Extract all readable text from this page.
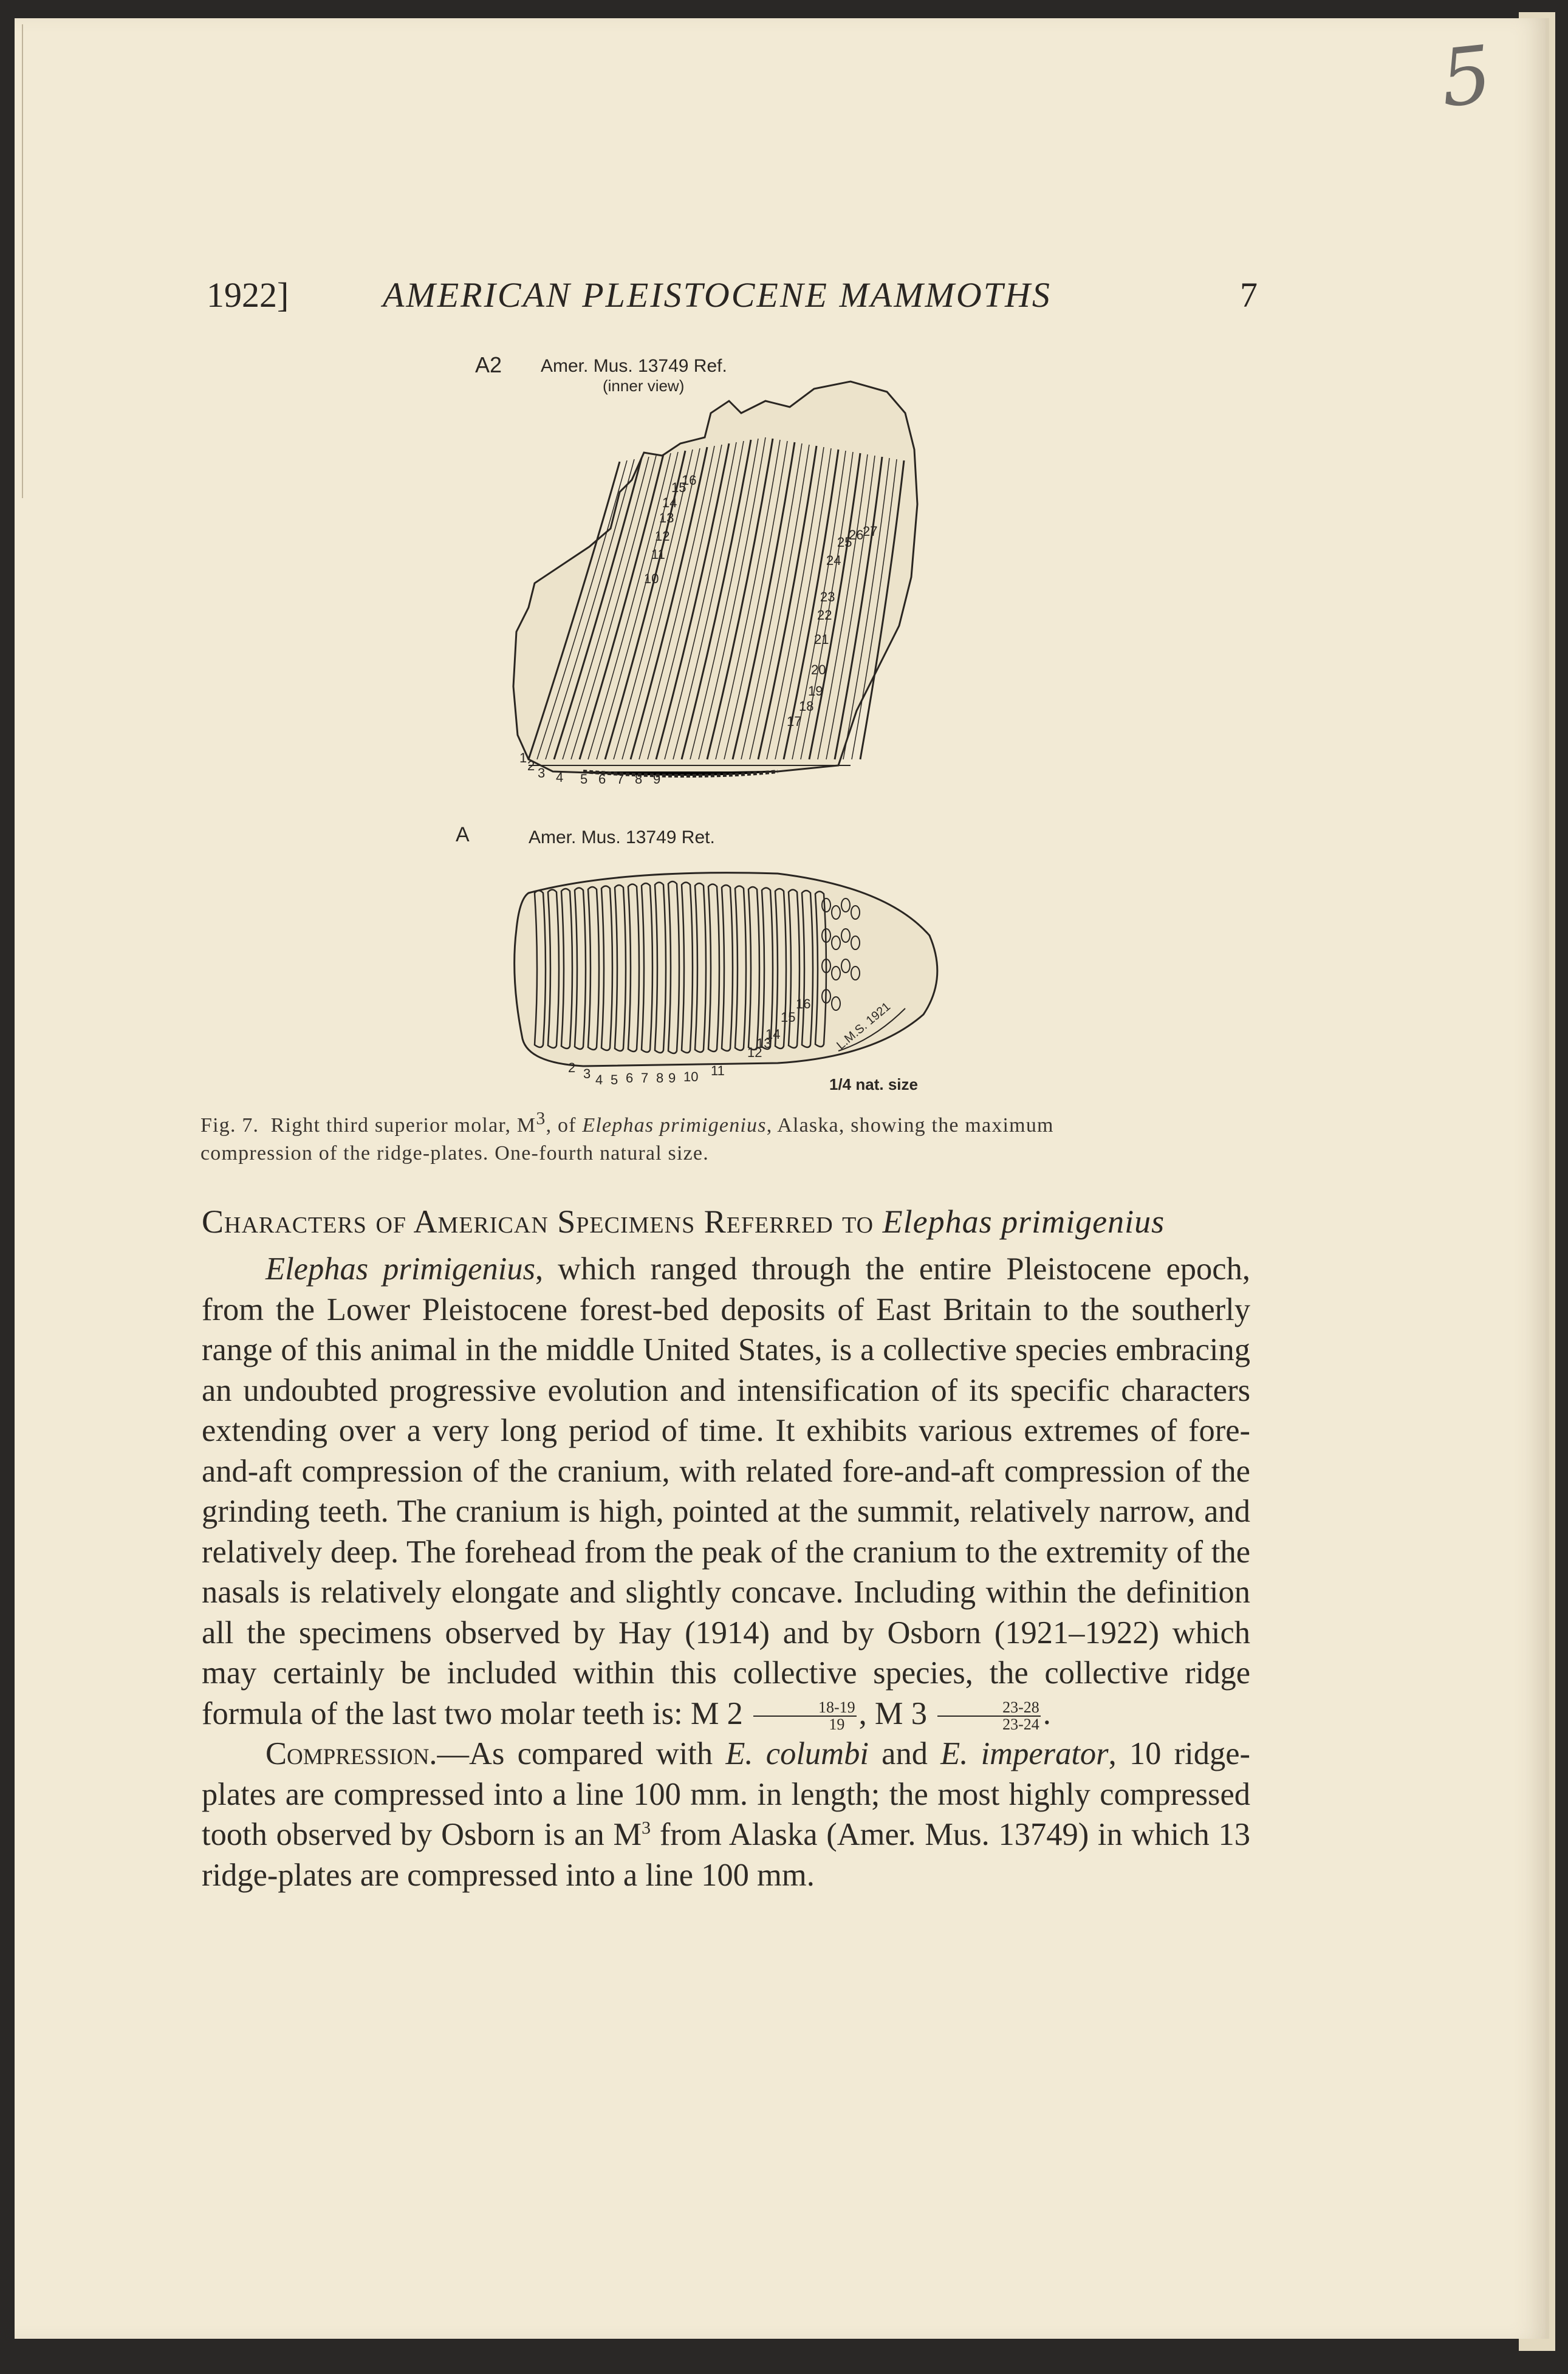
5
1922]	AMERICAN PLEISTOCENE MAMMOTHS	7
A2 Amer. Mus. 13749 Ref.
(inner view)
1
2 3 4 5 6 7 8 9
10
11
12
13
14
15
16
17
18
19
20
21
22
23
24
25
26
27
A	Amer. Mus. 13749 Ret.
2 3 4 5 6 7 8 9 10 11
12
13
14
15
16 L.M.S. 1921
1/4 nat. size
Fig. 7. Right third superior molar, M3, of Elephas primigenius, Alaska, showing the maximum
compression of the ridge-plates. One-fourth natural size.
Characters of American Specimens Referred to Elephas primigenius

Elephas primigenius, which ranged through the entire Pleistocene epoch, from the Lower Pleistocene forest-bed deposits of East Britain to the southerly range of this animal in the middle United States, is a collective species embracing an undoubted progressive evolution and intensification of its specific characters extending over a very long period of time. It exhibits various extremes of fore-and-aft compression of the cranium, with related fore-and-aft compression of the grinding teeth. The cranium is high, pointed at the summit, relatively narrow, and relatively deep. The forehead from the peak of the cranium to the extremity of the nasals is relatively elongate and slightly concave. Including within the definition all the specimens observed by Hay (1914) and by Osborn (1921–1922) which may certainly be included within this collective species, the collective ridge formula of the last two molar teeth is: M $2 \frac{18-19}{19}$ , M $3 \frac{23-28}{23-24}$ .

Compression.—As compared with E. columbi and E. imperator, 10 ridge-plates are compressed into a line 100 mm. in length; the most highly compressed tooth observed by Osborn is an $M^3$ from Alaska (Amer. Mus. 13749) in which 13 ridge-plates are compressed into a line 100 mm.
